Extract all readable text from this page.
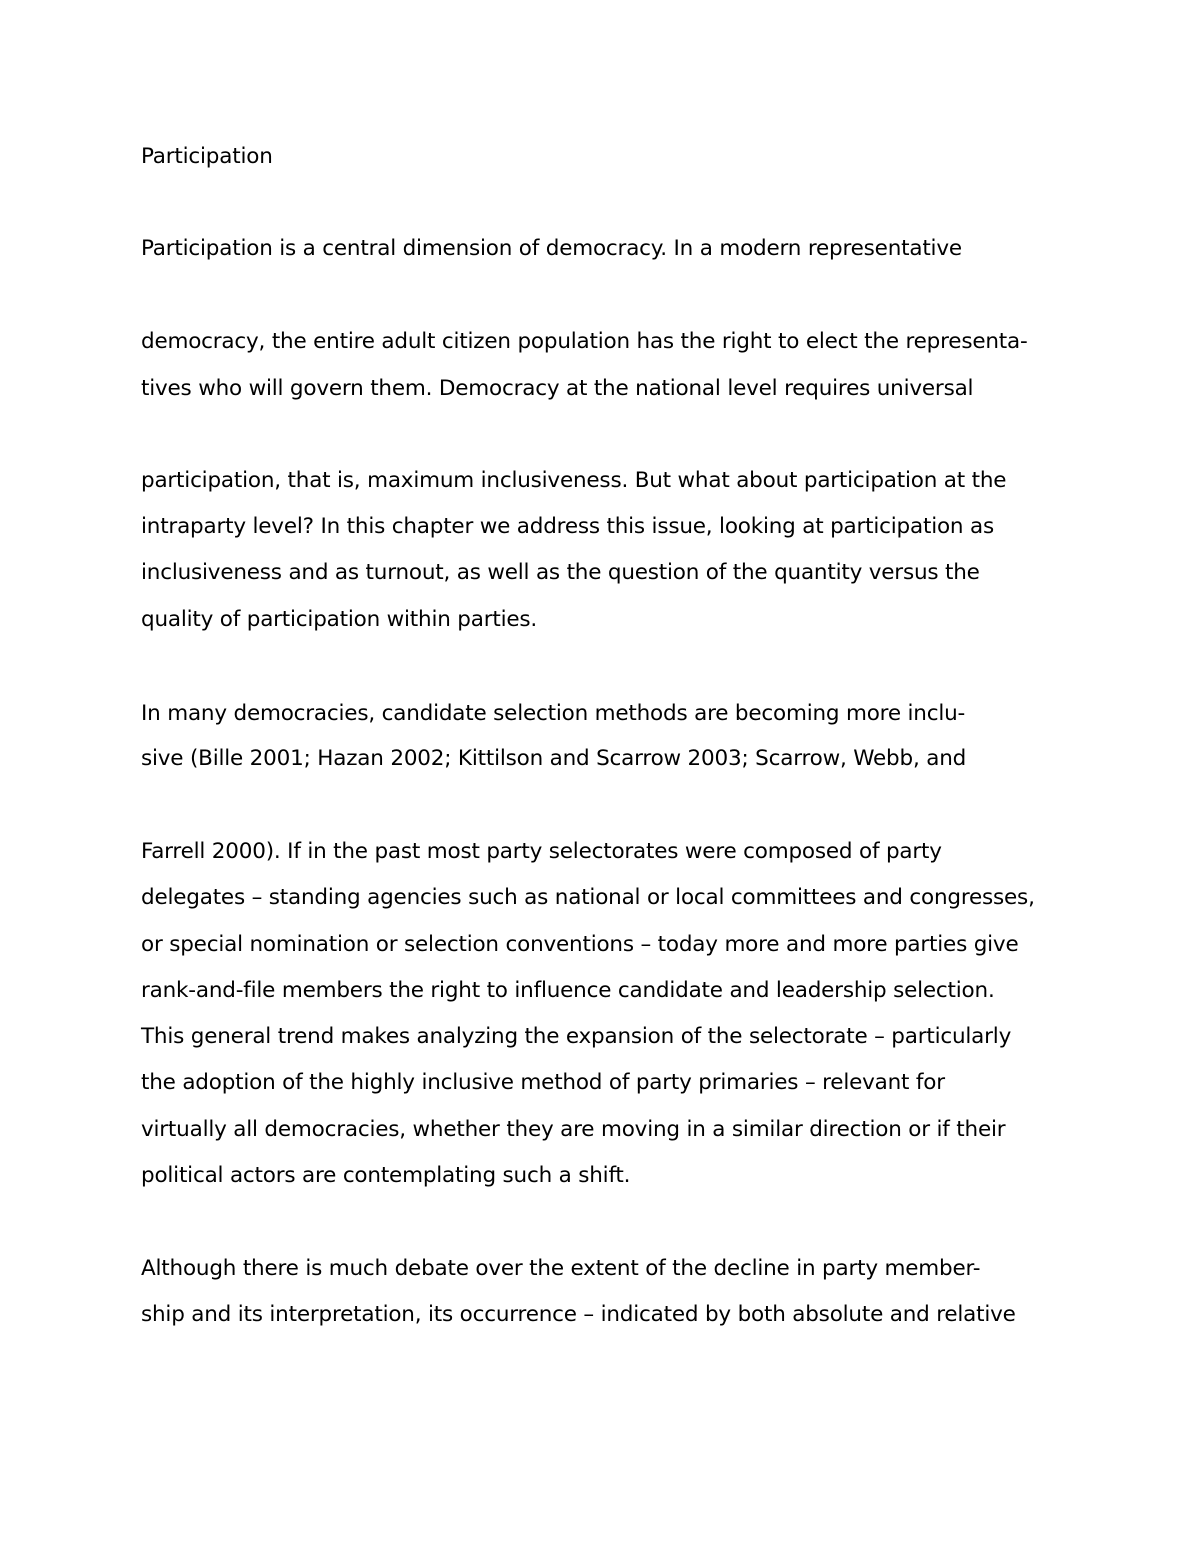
Participation

Participation is a central dimension of democracy. In a modern representative

democracy, the entire adult citizen population has the right to elect the representa-

tives who will govern them. Democracy at the national level requires universal

participation, that is, maximum inclusiveness. But what about participation at the

intraparty level? In this chapter we address this issue, looking at participation as

inclusiveness and as turnout, as well as the question of the quantity versus the

quality of participation within parties.

In many democracies, candidate selection methods are becoming more inclu-

sive (Bille 2001; Hazan 2002; Kittilson and Scarrow 2003; Scarrow, Webb, and

Farrell 2000). If in the past most party selectorates were composed of party

delegates – standing agencies such as national or local committees and congresses,

or special nomination or selection conventions – today more and more parties give

rank-and-file members the right to influence candidate and leadership selection.

This general trend makes analyzing the expansion of the selectorate – particularly

the adoption of the highly inclusive method of party primaries – relevant for

virtually all democracies, whether they are moving in a similar direction or if their

political actors are contemplating such a shift.

Although there is much debate over the extent of the decline in party member-

ship and its interpretation, its occurrence – indicated by both absolute and relative
